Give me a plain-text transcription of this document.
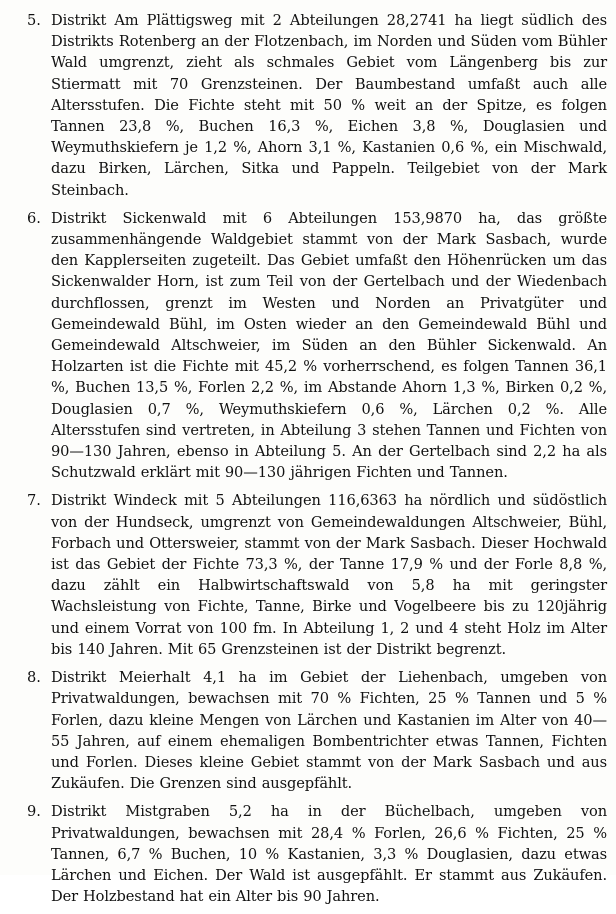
5. Distrikt Am Plättigsweg mit 2 Abteilungen 28,2741 ha liegt südlich des Distrikts Rotenberg an der Flotzenbach, im Norden und Süden vom Bühler Wald umgrenzt, zieht als schmales Gebiet vom Längenberg bis zur Stiermatt mit 70 Grenzsteinen. Der Baumbestand umfaßt auch alle Altersstufen. Die Fichte steht mit 50 % weit an der Spitze, es folgen Tannen 23,8 %, Buchen 16,3 %, Eichen 3,8 %, Douglasien und Weymuthskiefern je 1,2 %, Ahorn 3,1 %, Kastanien 0,6 %, ein Mischwald, dazu Birken, Lärchen, Sitka und Pappeln. Teilgebiet von der Mark Steinbach.
6. Distrikt Sickenwald mit 6 Abteilungen 153,9870 ha, das größte zusammenhängende Waldgebiet stammt von der Mark Sasbach, wurde den Kapplerseiten zugeteilt. Das Gebiet umfaßt den Höhenrücken um das Sickenwalder Horn, ist zum Teil von der Gertelbach und der Wiedenbach durchflossen, grenzt im Westen und Norden an Privatgüter und Gemeindewald Bühl, im Osten wieder an den Gemeindewald Bühl und Gemeindewald Altschweier, im Süden an den Bühler Sickenwald. An Holzarten ist die Fichte mit 45,2 % vorherrschend, es folgen Tannen 36,1 %, Buchen 13,5 %, Forlen 2,2 %, im Abstande Ahorn 1,3 %, Birken 0,2 %, Douglasien 0,7 %, Weymuthskiefern 0,6 %, Lärchen 0,2 %. Alle Altersstufen sind vertreten, in Abteilung 3 stehen Tannen und Fichten von 90—130 Jahren, ebenso in Abteilung 5. An der Gertelbach sind 2,2 ha als Schutzwald erklärt mit 90—130 jährigen Fichten und Tannen.
7. Distrikt Windeck mit 5 Abteilungen 116,6363 ha nördlich und südöstlich von der Hundseck, umgrenzt von Gemeindewaldungen Altschweier, Bühl, Forbach und Ottersweier, stammt von der Mark Sasbach. Dieser Hochwald ist das Gebiet der Fichte 73,3 %, der Tanne 17,9 % und der Forle 8,8 %, dazu zählt ein Halbwirtschaftswald von 5,8 ha mit geringster Wachsleistung von Fichte, Tanne, Birke und Vogelbeere bis zu 120jährig und einem Vorrat von 100 fm. In Abteilung 1, 2 und 4 steht Holz im Alter bis 140 Jahren. Mit 65 Grenzsteinen ist der Distrikt begrenzt.
8. Distrikt Meierhalt 4,1 ha im Gebiet der Liehenbach, umgeben von Privatwaldungen, bewachsen mit 70 % Fichten, 25 % Tannen und 5 % Forlen, dazu kleine Mengen von Lärchen und Kastanien im Alter von 40—55 Jahren, auf einem ehemaligen Bombentrichter etwas Tannen, Fichten und Forlen. Dieses kleine Gebiet stammt von der Mark Sasbach und aus Zukäufen. Die Grenzen sind ausgepfählt.
9. Distrikt Mistgraben 5,2 ha in der Büchelbach, umgeben von Privatwaldungen, bewachsen mit 28,4 % Forlen, 26,6 % Fichten, 25 % Tannen, 6,7 % Buchen, 10 % Kastanien, 3,3 % Douglasien, dazu etwas Lärchen und Eichen. Der Wald ist ausgepfählt. Er stammt aus Zukäufen. Der Holzbestand hat ein Alter bis 90 Jahren.
